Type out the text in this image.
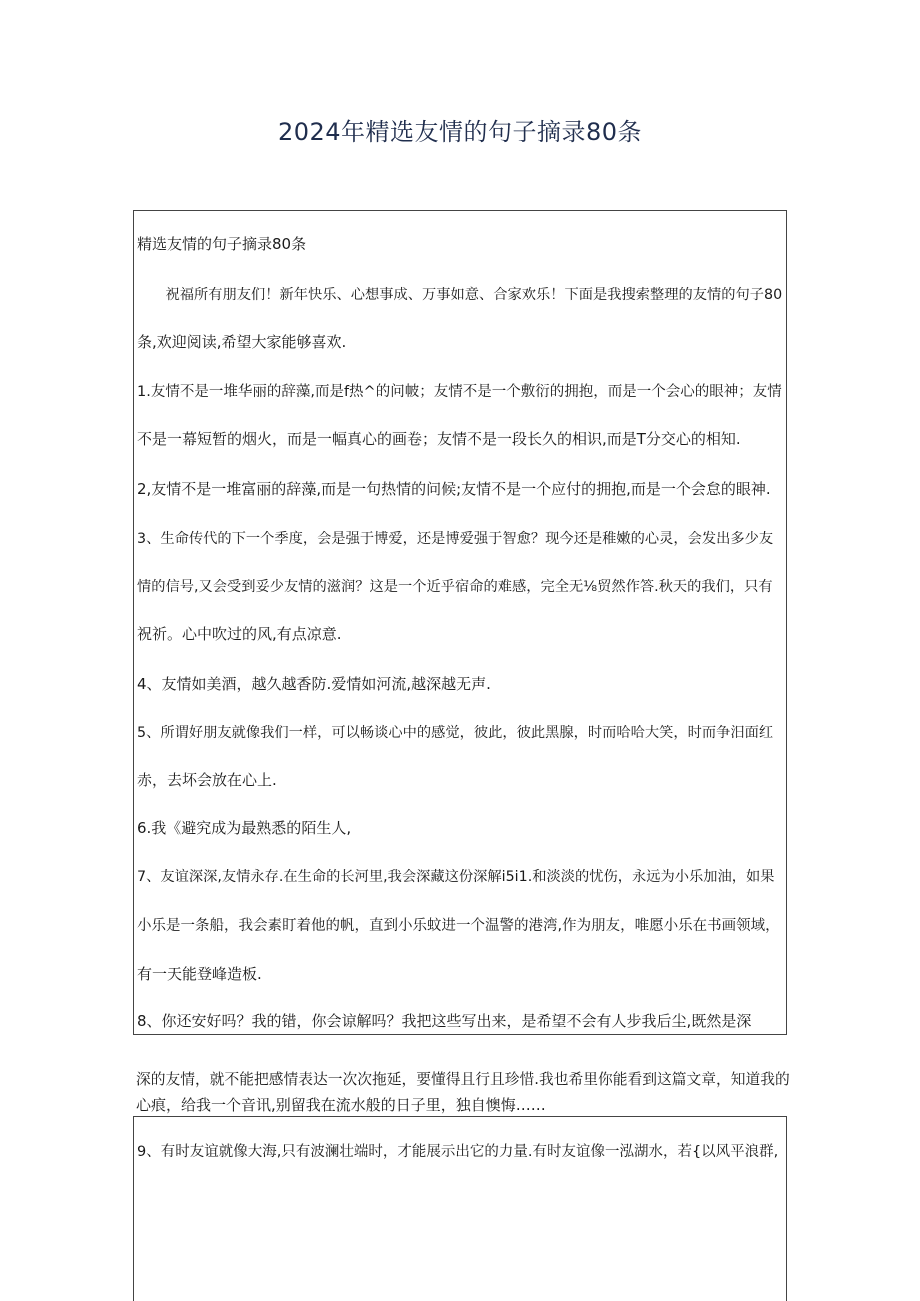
2024年精选友情的句子摘录80条
精选友情的句子摘录80条
　　祝福所有朋友们！新年快乐、心想事成、万事如意、合家欢乐！下面是我搜索整理的友情的句子80
条,欢迎阅读,希望大家能够喜欢.
1.友情不是一堆华丽的辞藻,而是f热^的问帔；友情不是一个敷衍的拥抱，而是一个会心的眼神；友情
不是一幕短暂的烟火，而是一幅真心的画卷；友情不是一段长久的相识,而是T分交心的相知.
2,友情不是一堆富丽的辞藻,而是一句热情的问候;友情不是一个应付的拥抱,而是一个会怠的眼神.
3、生命传代的下一个季度，会是强于博爱，还是博爱强于智愈？现今还是稚嫩的心灵，会发出多少友
情的信号,又会受到妥少友情的滋润？这是一个近乎宿命的难感，完全无⅛贸然作答.秋天的我们，只有
祝祈。心中吹过的风,有点凉意.
4、友情如美酒，越久越香防.爱情如河流,越深越无声.
5、所谓好朋友就像我们一样，可以畅谈心中的感觉，彼此，彼此黑腺，时而哈哈大笑，时而争汨面红
赤，去坏会放在心上.
6.我《避究成为最熟悉的陌生人,
7、友谊深深,友情永存.在生命的长河里,我会深藏这份深解i5i1.和淡淡的忧伤，永远为小乐加油，如果
小乐是一条船，我会素盯着他的帆，直到小乐蚊进一个温警的港湾,作为朋友，唯愿小乐在书画领域，
有一天能登峰造板.
8、你还安好吗？我的错，你会谅解吗？我把这些写出来，是希望不会有人步我后尘,既然是深
深的友情，就不能把感情表达一次次拖延，要懂得且行且珍惜.我也希里你能看到这篇文章，知道我的
心痕，给我一个音讯,别留我在流水般的日子里，独自懊悔……
9、有时友谊就像大海,只有波澜壮端时，才能展示出它的力量.有时友谊像一泓湖水，若{以风平浪群,
